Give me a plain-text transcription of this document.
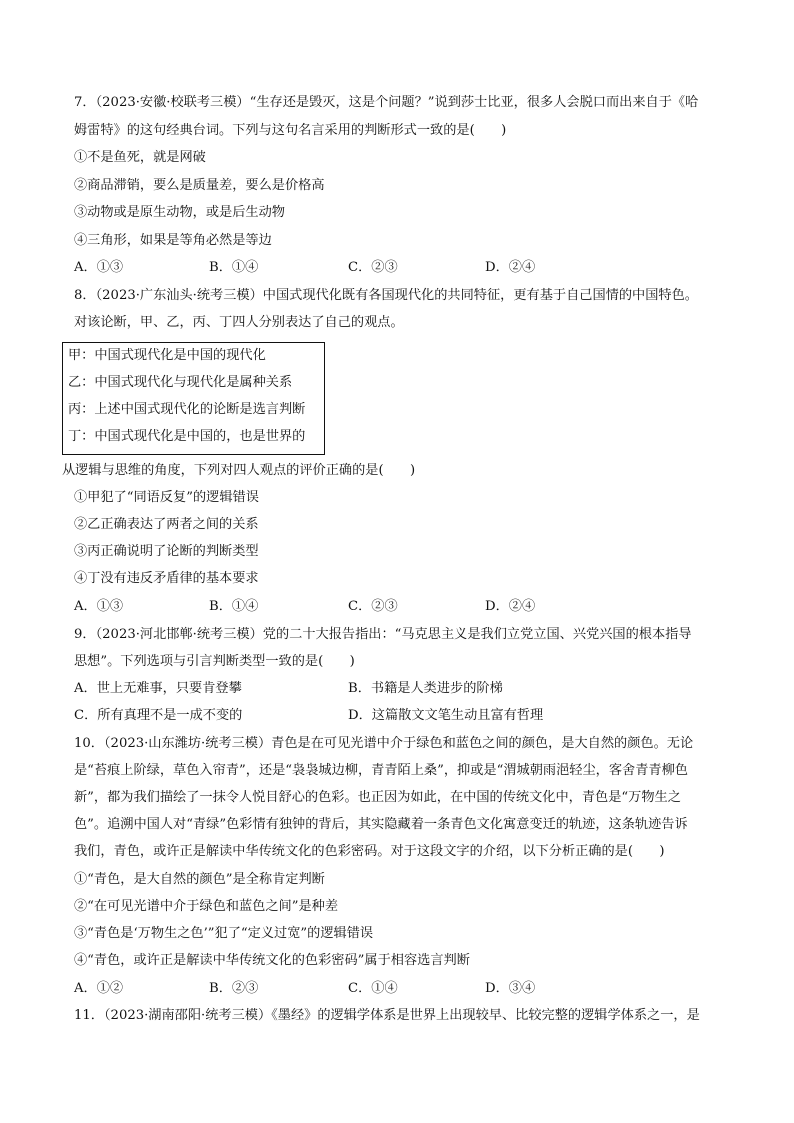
7．（2023·安徽·校联考三模）“生存还是毁灭，这是个问题？”说到莎士比亚，很多人会脱口而出来自于《哈
姆雷特》的这句经典台词。下列与这句名言采用的判断形式一致的是(　　)
①不是鱼死，就是网破
②商品滞销，要么是质量差，要么是价格高
③动物或是原生动物，或是后生动物
④三角形，如果是等角必然是等边
A．①③	B．①④	C．②③	D．②④
8．（2023·广东汕头·统考三模）中国式现代化既有各国现代化的共同特征，更有基于自己国情的中国特色。
对该论断，甲、乙，丙、丁四人分别表达了自己的观点。
甲：中国式现代化是中国的现代化
乙：中国式现代化与现代化是属种关系
丙：上述中国式现代化的论断是选言判断
丁：中国式现代化是中国的，也是世界的
从逻辑与思维的角度，下列对四人观点的评价正确的是(　　)
①甲犯了“同语反复”的逻辑错误
②乙正确表达了两者之间的关系
③丙正确说明了论断的判断类型
④丁没有违反矛盾律的基本要求
A．①③	B．①④	C．②③	D．②④
9．（2023·河北邯郸·统考三模）党的二十大报告指出：“马克思主义是我们立党立国、兴党兴国的根本指导
思想”。下列选项与引言判断类型一致的是(　　)
A．世上无难事，只要肯登攀	B．书籍是人类进步的阶梯
C．所有真理不是一成不变的	D．这篇散文文笔生动且富有哲理
10．（2023·山东潍坊·统考三模）青色是在可见光谱中介于绿色和蓝色之间的颜色，是大自然的颜色。无论
是“苔痕上阶绿，草色入帘青”，还是“袅袅城边柳，青青陌上桑”，抑或是“渭城朝雨浥轻尘，客舍青青柳色
新”，都为我们描绘了一抹令人悦目舒心的色彩。也正因为如此，在中国的传统文化中，青色是“万物生之
色”。追溯中国人对“青绿”色彩情有独钟的背后，其实隐藏着一条青色文化寓意变迁的轨迹，这条轨迹告诉
我们，青色，或许正是解读中华传统文化的色彩密码。对于这段文字的介绍，以下分析正确的是(　　)
①“青色，是大自然的颜色”是全称肯定判断
②“在可见光谱中介于绿色和蓝色之间”是种差
③“青色是‘万物生之色’”犯了“定义过宽”的逻辑错误
④“青色，或许正是解读中华传统文化的色彩密码”属于相容选言判断
A．①②	B．②③	C．①④	D．③④
11．（2023·湖南邵阳·统考三模）《墨经》的逻辑学体系是世界上出现较早、比较完整的逻辑学体系之一，是
